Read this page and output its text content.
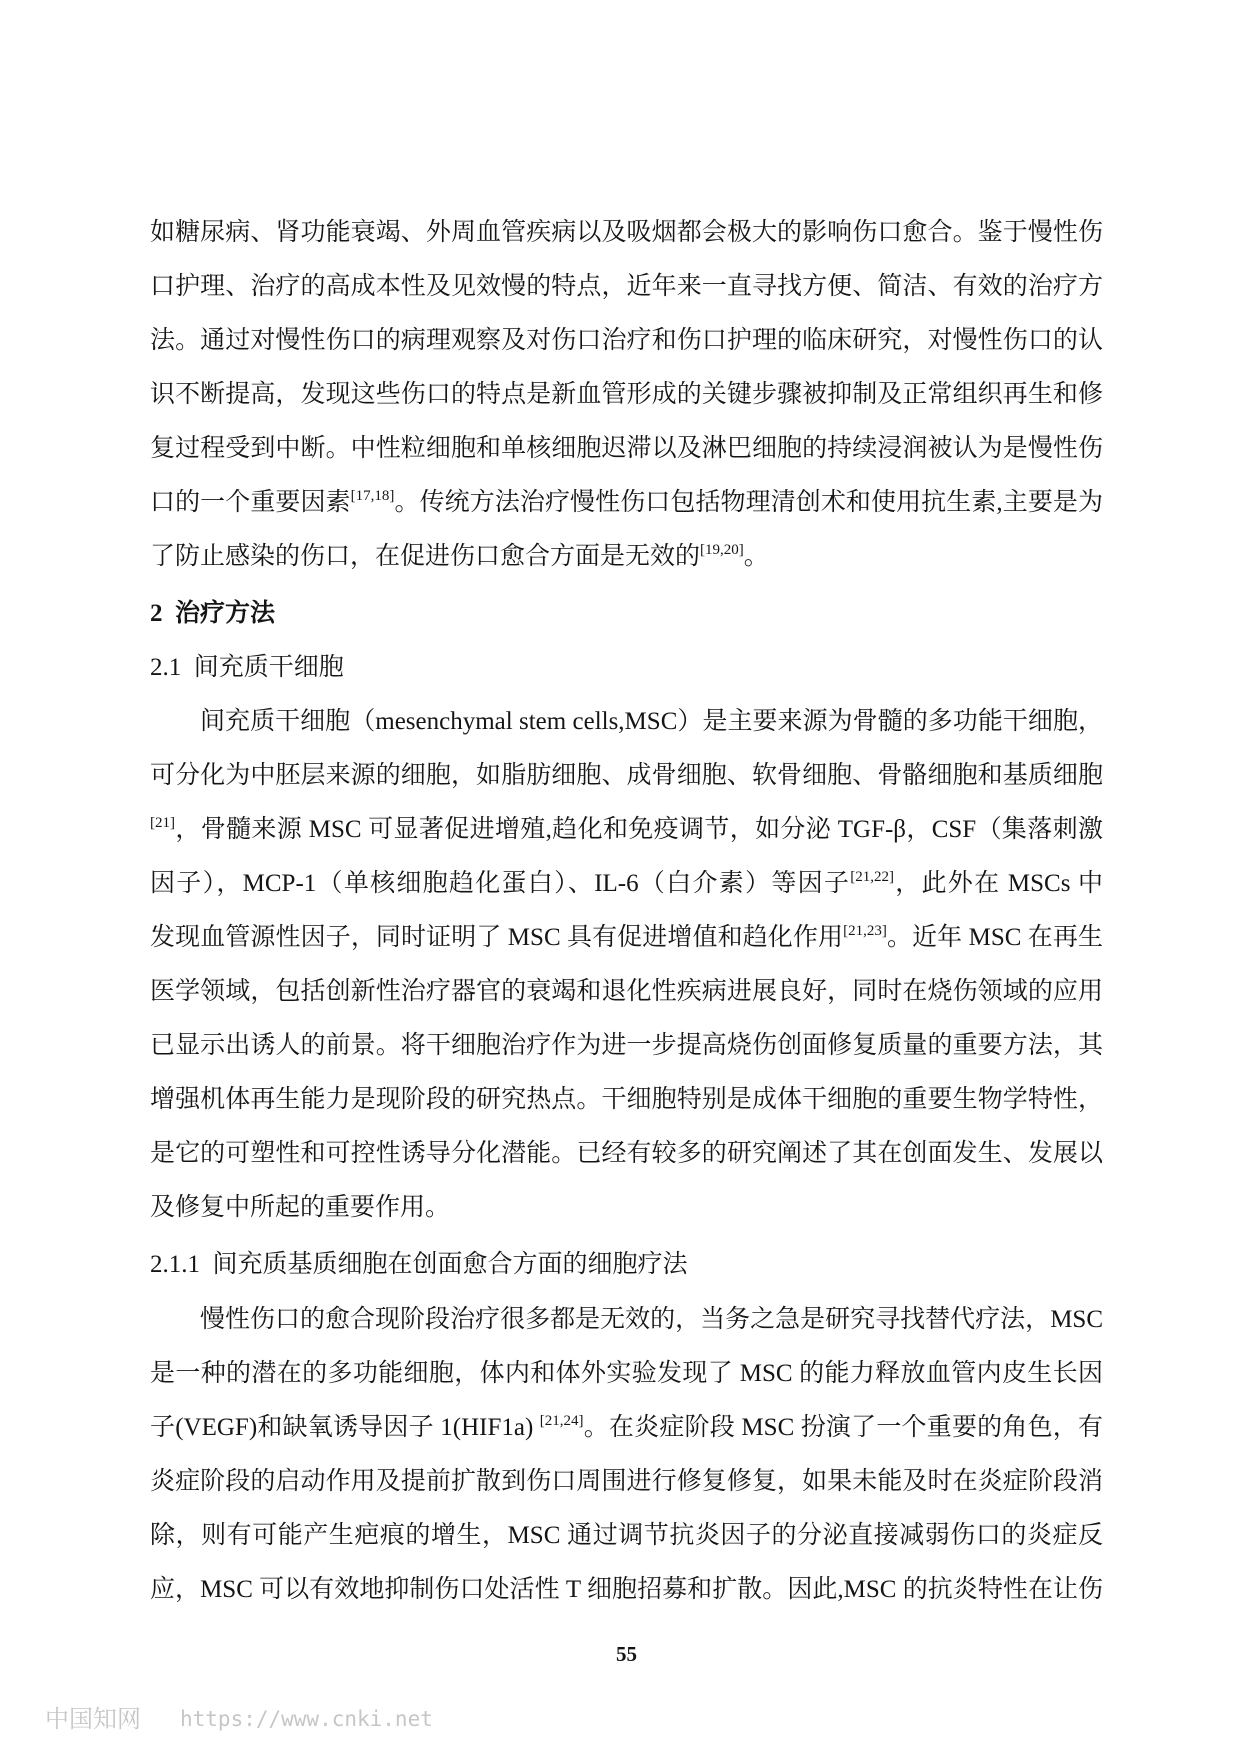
如糖尿病、肾功能衰竭、外周血管疾病以及吸烟都会极大的影响伤口愈合。鉴于慢性伤
口护理、治疗的高成本性及见效慢的特点，近年来一直寻找方便、简洁、有效的治疗方
法。通过对慢性伤口的病理观察及对伤口治疗和伤口护理的临床研究，对慢性伤口的认
识不断提高，发现这些伤口的特点是新血管形成的关键步骤被抑制及正常组织再生和修
复过程受到中断。中性粒细胞和单核细胞迟滞以及淋巴细胞的持续浸润被认为是慢性伤
口的一个重要因素[17,18]。传统方法治疗慢性伤口包括物理清创术和使用抗生素,主要是为
了防止感染的伤口，在促进伤口愈合方面是无效的[19,20]。
2 治疗方法
2.1 间充质干细胞
间充质干细胞（mesenchymal stem cells,MSC）是主要来源为骨髓的多功能干细胞，
可分化为中胚层来源的细胞，如脂肪细胞、成骨细胞、软骨细胞、骨骼细胞和基质细胞
[21]，骨髓来源 MSC 可显著促进增殖,趋化和免疫调节，如分泌 TGF-β，CSF（集落刺激
因子），MCP-1（单核细胞趋化蛋白）、IL-6（白介素）等因子[21,22]，此外在 MSCs 中
发现血管源性因子，同时证明了 MSC 具有促进增值和趋化作用[21,23]。近年 MSC 在再生
医学领域，包括创新性治疗器官的衰竭和退化性疾病进展良好，同时在烧伤领域的应用
已显示出诱人的前景。将干细胞治疗作为进一步提高烧伤创面修复质量的重要方法，其
增强机体再生能力是现阶段的研究热点。干细胞特别是成体干细胞的重要生物学特性，
是它的可塑性和可控性诱导分化潜能。已经有较多的研究阐述了其在创面发生、发展以
及修复中所起的重要作用。
2.1.1 间充质基质细胞在创面愈合方面的细胞疗法
慢性伤口的愈合现阶段治疗很多都是无效的，当务之急是研究寻找替代疗法，MSC
是一种的潜在的多功能细胞，体内和体外实验发现了 MSC 的能力释放血管内皮生长因
子(VEGF)和缺氧诱导因子 1(HIF1a) [21,24]。在炎症阶段 MSC 扮演了一个重要的角色，有
炎症阶段的启动作用及提前扩散到伤口周围进行修复修复，如果未能及时在炎症阶段消
除，则有可能产生疤痕的增生，MSC 通过调节抗炎因子的分泌直接减弱伤口的炎症反
应，MSC 可以有效地抑制伤口处活性 T 细胞招募和扩散。因此,MSC 的抗炎特性在让伤
55
中国知网 https://www.cnki.net
